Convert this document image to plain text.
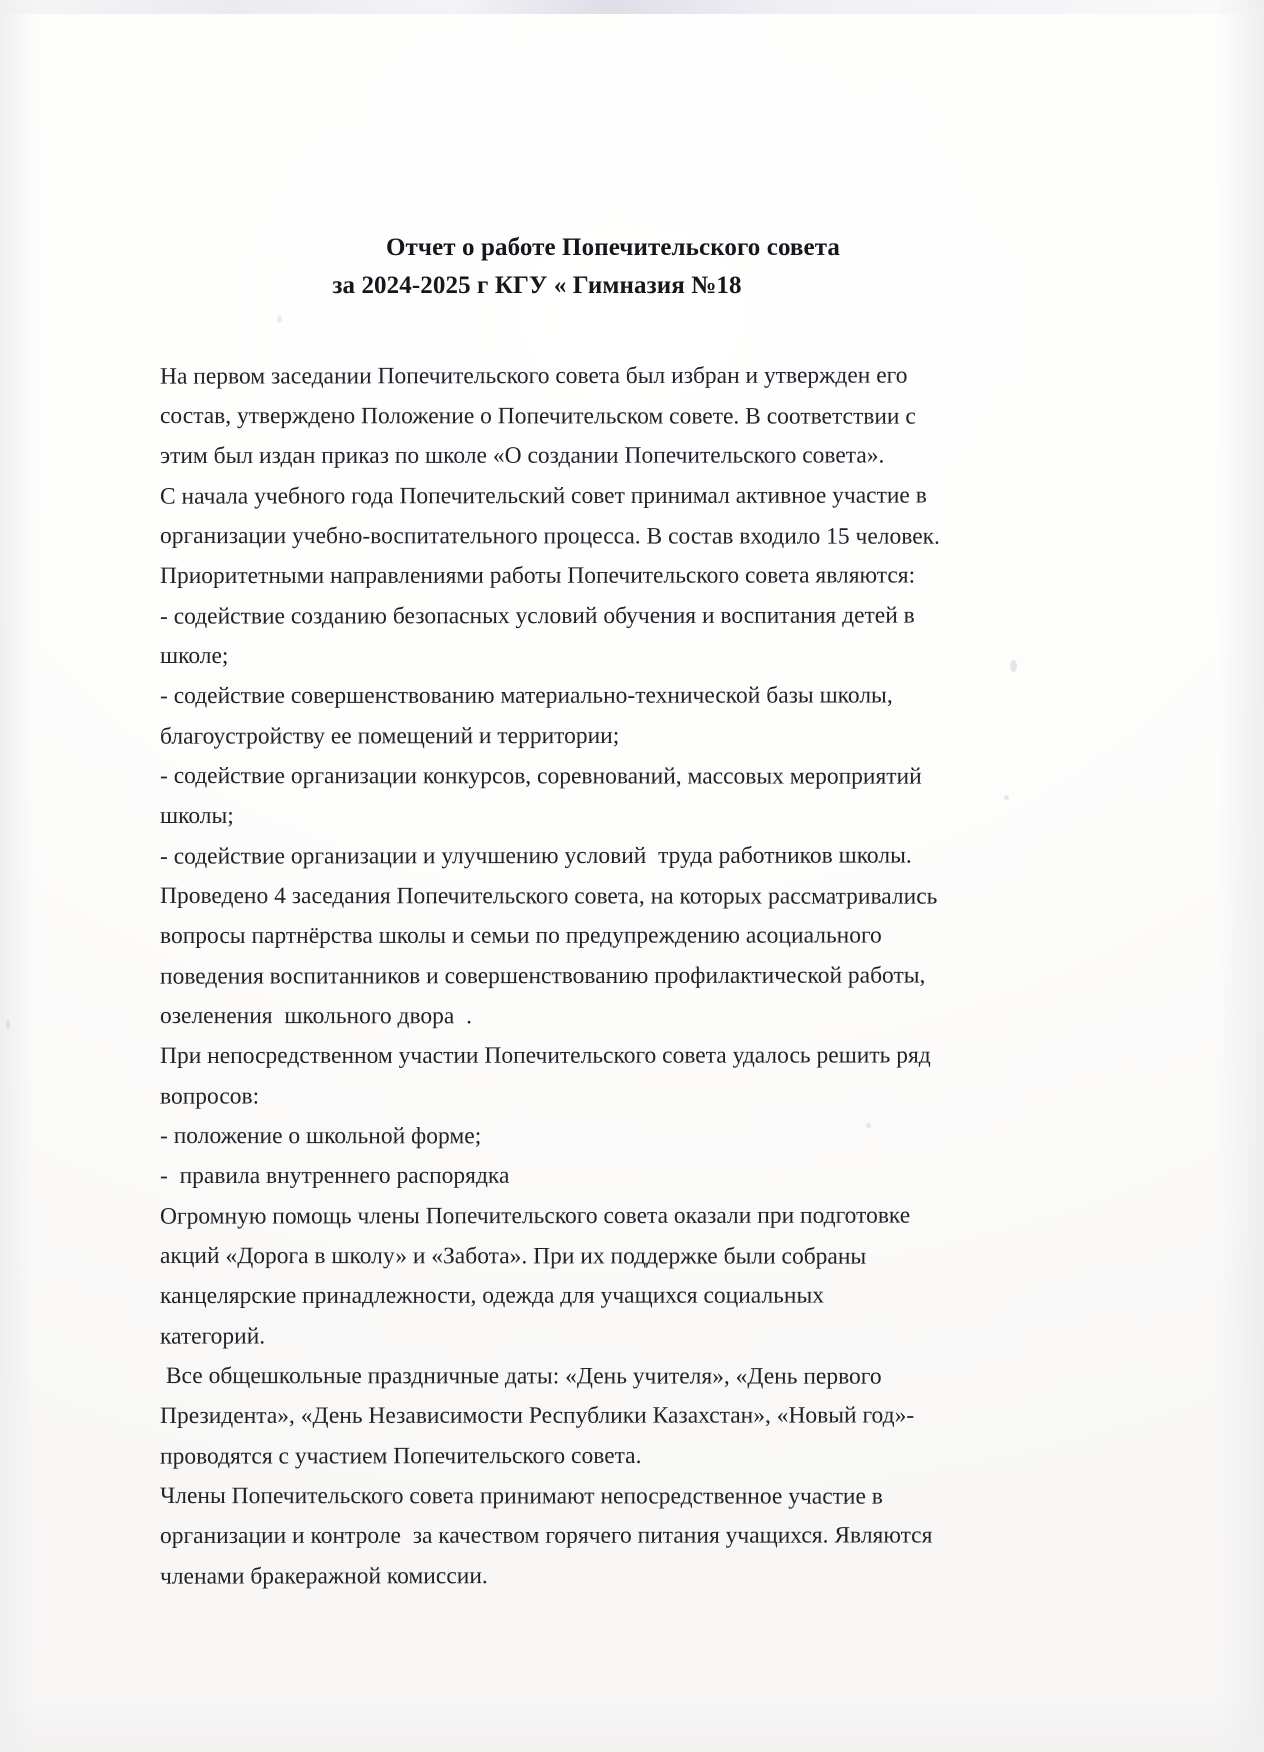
Отчет о работе Попечительского совета
за 2024-2025 г КГУ « Гимназия №18
На первом заседании Попечительского совета был избран и утвержден его
состав, утверждено Положение о Попечительском совете. В соответствии с
этим был издан приказ по школе «О создании Попечительского совета».
С начала учебного года Попечительский совет принимал активное участие в
организации учебно-воспитательного процесса. В состав входило 15 человек.
Приоритетными направлениями работы Попечительского совета являются:
- содействие созданию безопасных условий обучения и воспитания детей в
школе;
- содействие совершенствованию материально-технической базы школы,
благоустройству ее помещений и территории;
- содействие организации конкурсов, соревнований, массовых мероприятий
школы;
- содействие организации и улучшению условий  труда работников школы.
Проведено 4 заседания Попечительского совета, на которых рассматривались
вопросы партнёрства школы и семьи по предупреждению асоциального
поведения воспитанников и совершенствованию профилактической работы,
озеленения  школьного двора  .
При непосредственном участии Попечительского совета удалось решить ряд
вопросов:
- положение о школьной форме;
-  правила внутреннего распорядка
Огромную помощь члены Попечительского совета оказали при подготовке
акций «Дорога в школу» и «Забота». При их поддержке были собраны
канцелярские принадлежности, одежда для учащихся социальных
категорий.
Все общешкольные праздничные даты: «День учителя», «День первого
Президента», «День Независимости Республики Казахстан», «Новый год»-
проводятся с участием Попечительского совета.
Члены Попечительского совета принимают непосредственное участие в
организации и контроле  за качеством горячего питания учащихся. Являются
членами бракеражной комиссии.
